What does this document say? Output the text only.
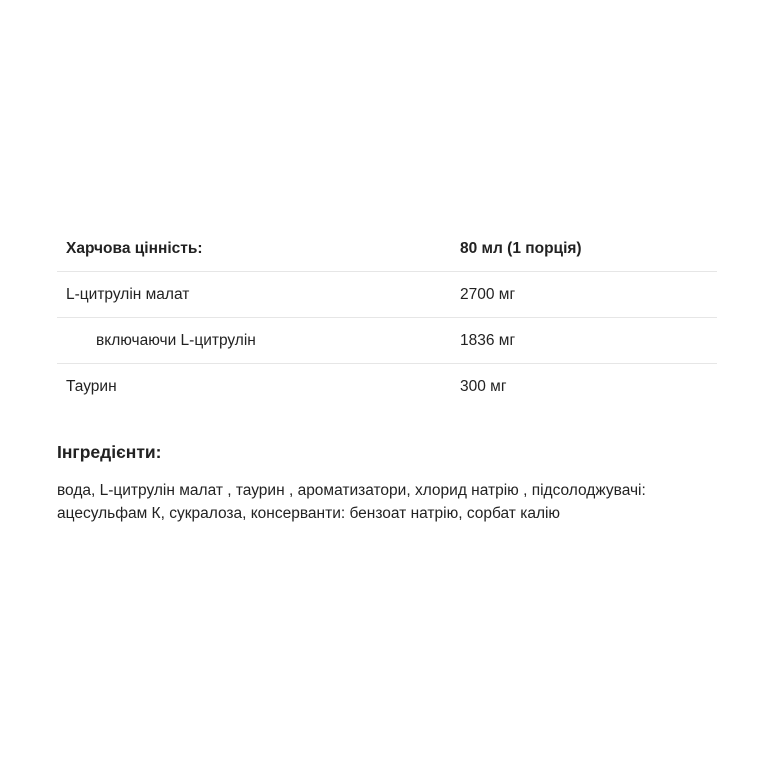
Харчова цінність:	80 мл (1 порція)
L-цитрулін малат	2700 мг
включаючи L-цитрулін	1836 мг
Таурин	300 мг
Інгредієнти:

вода, L-цитрулін малат , таурин , ароматизатори, хлорид натрію , підсолоджувачі:
ацесульфам К, сукралоза, консерванти: бензоат натрію, сорбат калію
